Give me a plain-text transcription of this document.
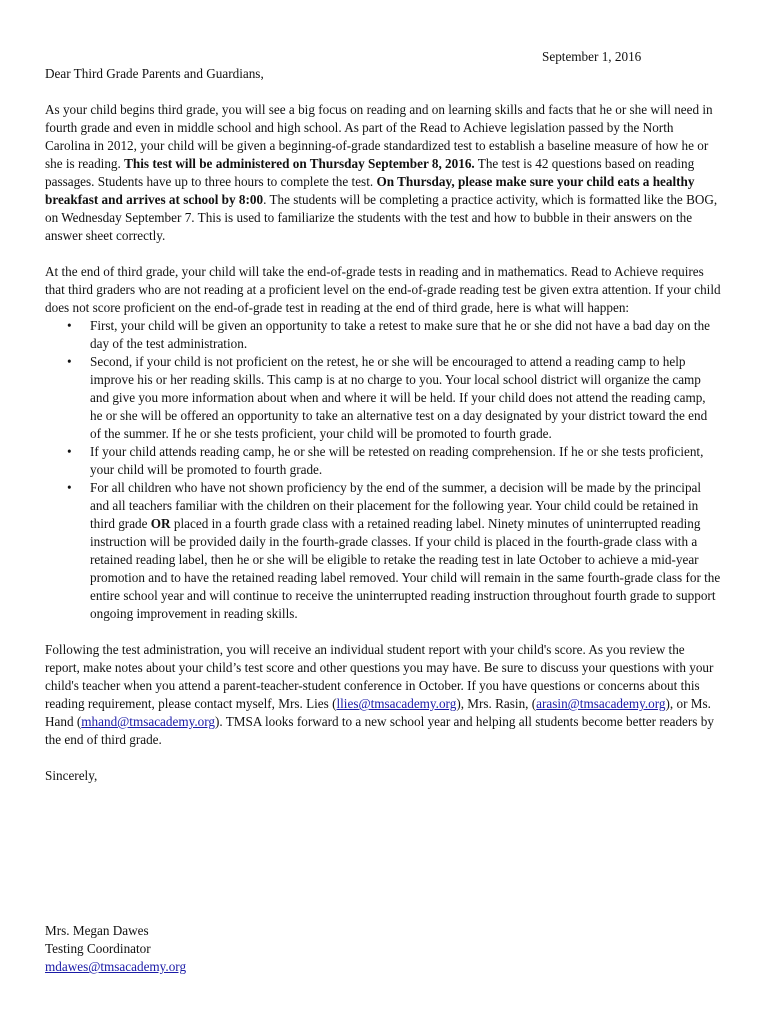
September 1, 2016

Dear Third Grade Parents and Guardians,

As your child begins third grade, you will see a big focus on reading and on learning skills and facts that he or she will need in fourth grade and even in middle school and high school. As part of the Read to Achieve legislation passed by the North Carolina in 2012, your child will be given a beginning-of-grade standardized test to establish a baseline measure of how he or she is reading. This test will be administered on Thursday September 8, 2016. The test is 42 questions based on reading passages. Students have up to three hours to complete the test. On Thursday, please make sure your child eats a healthy breakfast and arrives at school by 8:00. The students will be completing a practice activity, which is formatted like the BOG, on Wednesday September 7. This is used to familiarize the students with the test and how to bubble in their answers on the answer sheet correctly.

At the end of third grade, your child will take the end-of-grade tests in reading and in mathematics. Read to Achieve requires that third graders who are not reading at a proficient level on the end-of-grade reading test be given extra attention. If your child does not score proficient on the end-of-grade test in reading at the end of third grade, here is what will happen:

• First, your child will be given an opportunity to take a retest to make sure that he or she did not have a bad day on the day of the test administration.
• Second, if your child is not proficient on the retest, he or she will be encouraged to attend a reading camp to help improve his or her reading skills. This camp is at no charge to you. Your local school district will organize the camp and give you more information about when and where it will be held. If your child does not attend the reading camp, he or she will be offered an opportunity to take an alternative test on a day designated by your district toward the end of the summer. If he or she tests proficient, your child will be promoted to fourth grade.
• If your child attends reading camp, he or she will be retested on reading comprehension. If he or she tests proficient, your child will be promoted to fourth grade.
• For all children who have not shown proficiency by the end of the summer, a decision will be made by the principal and all teachers familiar with the children on their placement for the following year. Your child could be retained in third grade OR placed in a fourth grade class with a retained reading label. Ninety minutes of uninterrupted reading instruction will be provided daily in the fourth-grade classes. If your child is placed in the fourth-grade class with a retained reading label, then he or she will be eligible to retake the reading test in late October to achieve a mid-year promotion and to have the retained reading label removed. Your child will remain in the same fourth-grade class for the entire school year and will continue to receive the uninterrupted reading instruction throughout fourth grade to support ongoing improvement in reading skills.

Following the test administration, you will receive an individual student report with your child's score. As you review the report, make notes about your child’s test score and other questions you may have. Be sure to discuss your questions with your child's teacher when you attend a parent-teacher-student conference in October. If you have questions or concerns about this reading requirement, please contact myself, Mrs. Lies (llies@tmsacademy.org), Mrs. Rasin, (arasin@tmsacademy.org), or Ms. Hand (mhand@tmsacademy.org). TMSA looks forward to a new school year and helping all students become better readers by the end of third grade.

Sincerely,

Mrs. Megan Dawes

Testing Coordinator

mdawes@tmsacademy.org
